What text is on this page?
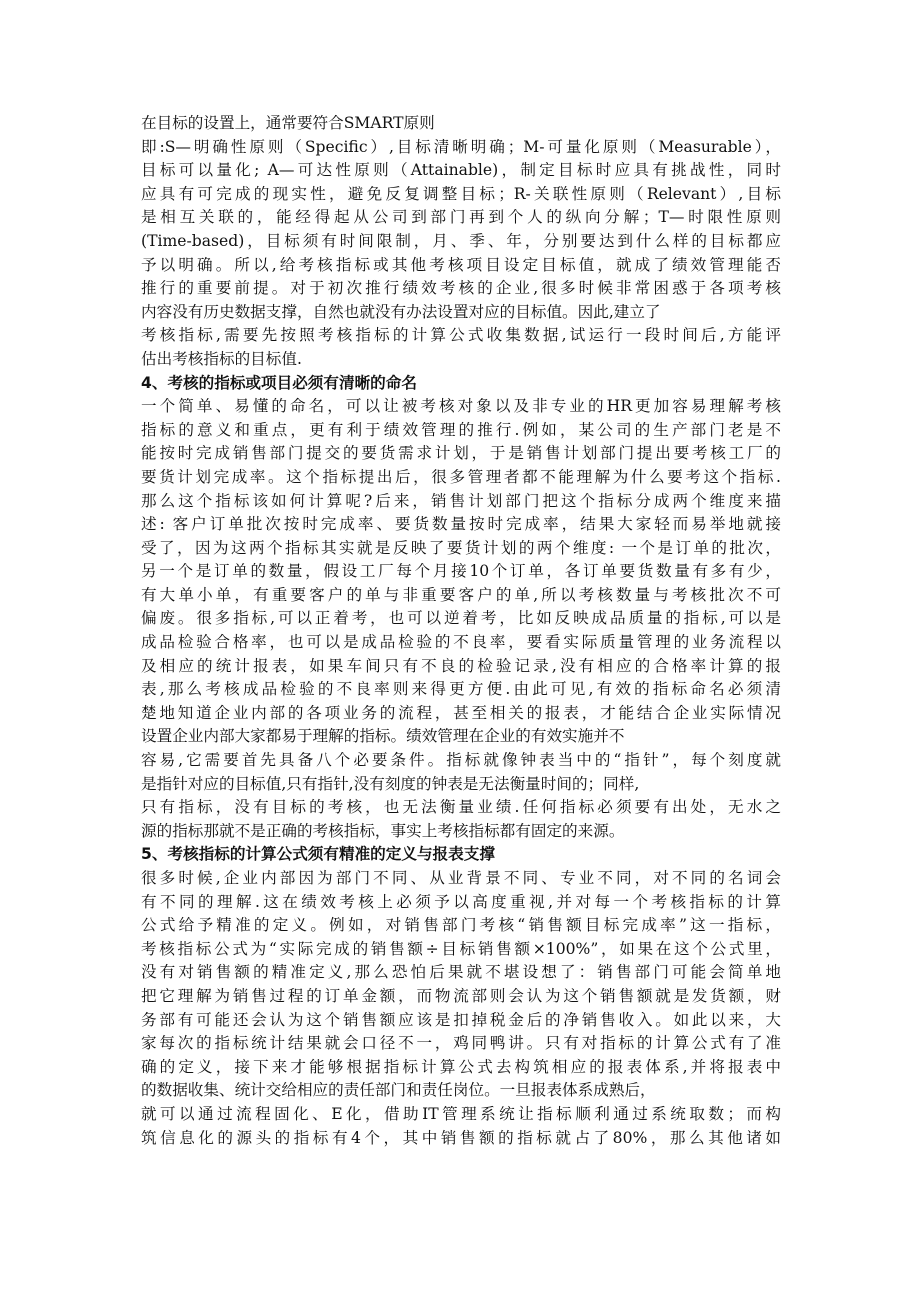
在目标的设置上，通常要符合SMART原则
即:S—明确性原则（Specific）,目标清晰明确；M-可量化原则（Measurable），
目标可以量化; A—可达性原则（Attainable)，制定目标时应具有挑战性，同时
应具有可完成的现实性，避免反复调整目标；R-关联性原则（Relevant）,目标
是相互关联的，能经得起从公司到部门再到个人的纵向分解；T—时限性原则
(Time-based)，目标须有时间限制，月、季、年，分别要达到什么样的目标都应
予以明确。所以,给考核指标或其他考核项目设定目标值，就成了绩效管理能否
推行的重要前提。对于初次推行绩效考核的企业,很多时候非常困惑于各项考核
内容没有历史数据支撑，自然也就没有办法设置对应的目标值。因此,建立了
考核指标,需要先按照考核指标的计算公式收集数据,试运行一段时间后,方能评
估出考核指标的目标值.
4、考核的指标或项目必须有清晰的命名
一个简单、易懂的命名，可以让被考核对象以及非专业的HR更加容易理解考核
指标的意义和重点，更有利于绩效管理的推行.例如，某公司的生产部门老是不
能按时完成销售部门提交的要货需求计划，于是销售计划部门提出要考核工厂的
要货计划完成率。这个指标提出后，很多管理者都不能理解为什么要考这个指标.
那么这个指标该如何计算呢?后来，销售计划部门把这个指标分成两个维度来描
述: 客户订单批次按时完成率、要货数量按时完成率，结果大家轻而易举地就接
受了，因为这两个指标其实就是反映了要货计划的两个维度: 一个是订单的批次，
另一个是订单的数量，假设工厂每个月接10个订单，各订单要货数量有多有少，
有大单小单，有重要客户的单与非重要客户的单,所以考核数量与考核批次不可
偏废。很多指标,可以正着考，也可以逆着考，比如反映成品质量的指标,可以是
成品检验合格率，也可以是成品检验的不良率，要看实际质量管理的业务流程以
及相应的统计报表，如果车间只有不良的检验记录,没有相应的合格率计算的报
表,那么考核成品检验的不良率则来得更方便.由此可见,有效的指标命名必须清
楚地知道企业内部的各项业务的流程，甚至相关的报表，才能结合企业实际情况
设置企业内部大家都易于理解的指标。绩效管理在企业的有效实施并不
容易,它需要首先具备八个必要条件。指标就像钟表当中的“指针”，每个刻度就
是指针对应的目标值,只有指针,没有刻度的钟表是无法衡量时间的；同样,
只有指标，没有目标的考核，也无法衡量业绩.任何指标必须要有出处，无水之
源的指标那就不是正确的考核指标，事实上考核指标都有固定的来源。
5、考核指标的计算公式须有精准的定义与报表支撑
很多时候,企业内部因为部门不同、从业背景不同、专业不同，对不同的名词会
有不同的理解.这在绩效考核上必须予以高度重视,并对每一个考核指标的计算
公式给予精准的定义。例如，对销售部门考核“销售额目标完成率”这一指标，
考核指标公式为“实际完成的销售额÷目标销售额×100%”，如果在这个公式里，
没有对销售额的精准定义,那么恐怕后果就不堪设想了：销售部门可能会简单地
把它理解为销售过程的订单金额，而物流部则会认为这个销售额就是发货额，财
务部有可能还会认为这个销售额应该是扣掉税金后的净销售收入。如此以来，大
家每次的指标统计结果就会口径不一，鸡同鸭讲。只有对指标的计算公式有了准
确的定义，接下来才能够根据指标计算公式去构筑相应的报表体系,并将报表中
的数据收集、统计交给相应的责任部门和责任岗位。一旦报表体系成熟后，
就可以通过流程固化、E化，借助IT管理系统让指标顺利通过系统取数；而构
筑信息化的源头的指标有4个，其中销售额的指标就占了80%，那么其他诸如
